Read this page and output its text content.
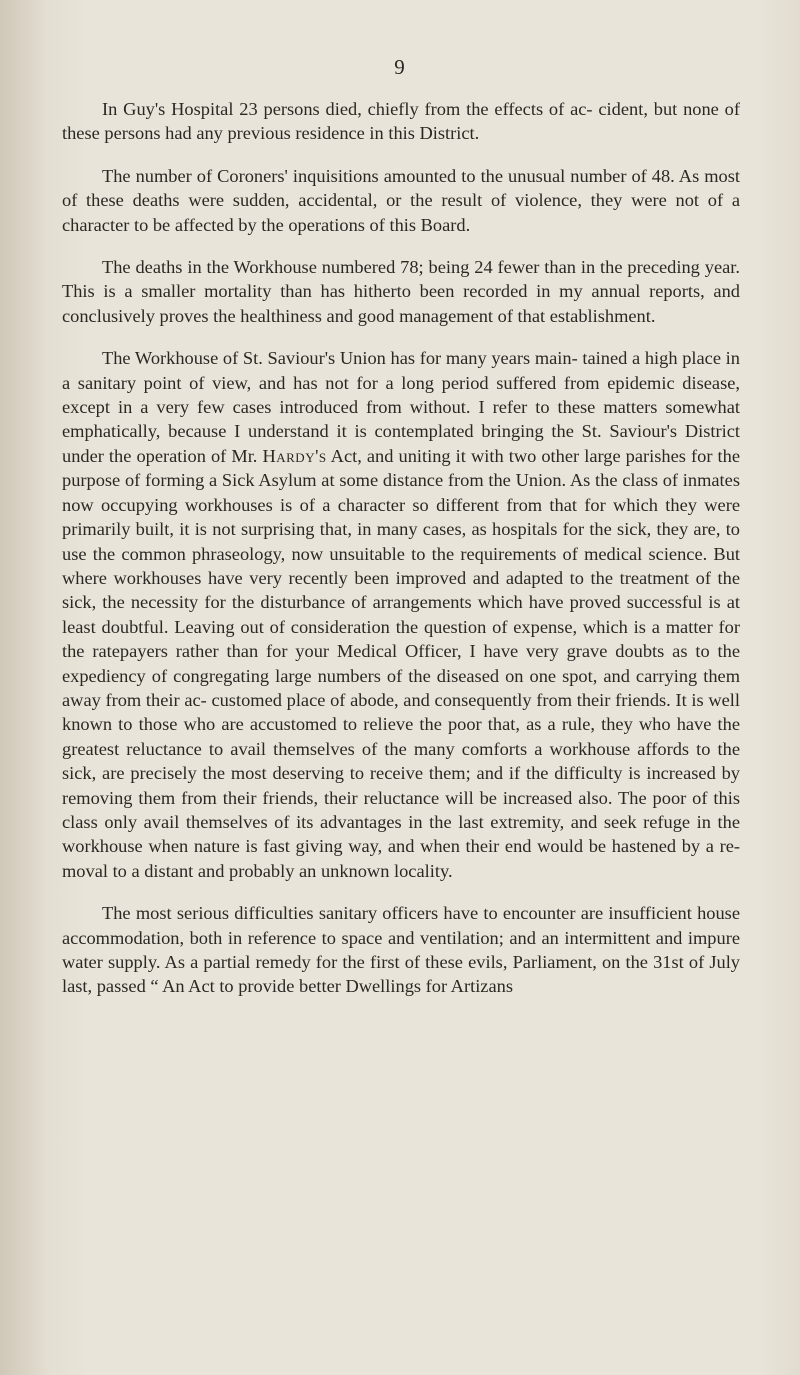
9

In Guy's Hospital 23 persons died, chiefly from the effects of ac- cident, but none of these persons had any previous residence in this District.

The number of Coroners' inquisitions amounted to the unusual number of 48. As most of these deaths were sudden, accidental, or the result of violence, they were not of a character to be affected by the operations of this Board.

The deaths in the Workhouse numbered 78; being 24 fewer than in the preceding year. This is a smaller mortality than has hitherto been recorded in my annual reports, and conclusively proves the healthiness and good management of that establishment.

The Workhouse of St. Saviour's Union has for many years main- tained a high place in a sanitary point of view, and has not for a long period suffered from epidemic disease, except in a very few cases introduced from without. I refer to these matters somewhat emphatically, because I understand it is contemplated bringing the St. Saviour's District under the operation of Mr. Hardy's Act, and uniting it with two other large parishes for the purpose of forming a Sick Asylum at some distance from the Union. As the class of inmates now occupying workhouses is of a character so different from that for which they were primarily built, it is not surprising that, in many cases, as hospitals for the sick, they are, to use the common phraseology, now unsuitable to the requirements of medical science. But where workhouses have very recently been improved and adapted to the treatment of the sick, the necessity for the disturbance of arrangements which have proved successful is at least doubtful. Leaving out of consideration the question of expense, which is a matter for the ratepayers rather than for your Medical Officer, I have very grave doubts as to the expediency of congregating large numbers of the diseased on one spot, and carrying them away from their ac- customed place of abode, and consequently from their friends. It is well known to those who are accustomed to relieve the poor that, as a rule, they who have the greatest reluctance to avail themselves of the many comforts a workhouse affords to the sick, are precisely the most deserving to receive them; and if the difficulty is increased by removing them from their friends, their reluctance will be increased also. The poor of this class only avail themselves of its advantages in the last extremity, and seek refuge in the workhouse when nature is fast giving way, and when their end would be hastened by a re- moval to a distant and probably an unknown locality.

The most serious difficulties sanitary officers have to encounter are insufficient house accommodation, both in reference to space and ventilation; and an intermittent and impure water supply. As a partial remedy for the first of these evils, Parliament, on the 31st of July last, passed “ An Act to provide better Dwellings for Artizans
